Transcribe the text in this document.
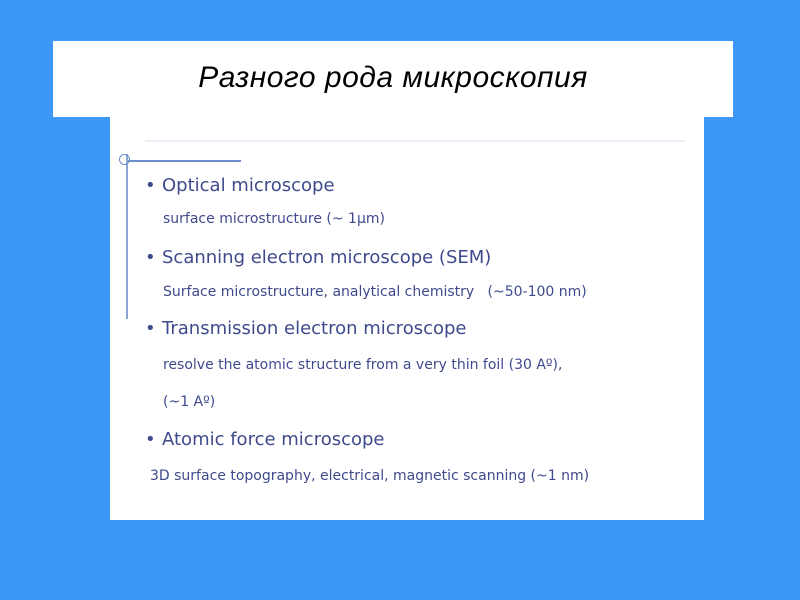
Разного рода микроскопия
• Optical microscope
surface microstructure (~ 1μm)
• Scanning electron microscope (SEM)
Surface microstructure, analytical chemistry   (~50-100 nm)
• Transmission electron microscope
resolve the atomic structure from a very thin foil (30 Aº),
(~1 Aº)
• Atomic force microscope
3D surface topography, electrical, magnetic scanning (~1 nm)
